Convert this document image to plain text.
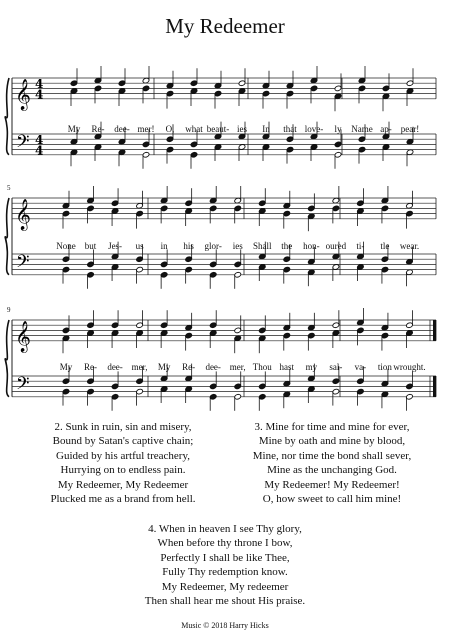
My Redeemer
𝄞
𝄢
4
4
4
4
My Re- dee- mer! O, what beaut- ies In that love- ly Name ap- pear!
𝄞
𝄢
5
None but Jes- us in his glor- ies Shall the hon- oured ti- tle wear.
𝄞
𝄢
9
My Re- dee- mer, My Re- dee- mer, Thou hast my sal- va- tion wrought.
2. Sunk in ruin, sin and misery,
Bound by Satan's captive chain;
Guided by his artful treachery,
Hurrying on to endless pain.
My Redeemer, My Redeemer
Plucked me as a brand from hell.
3. Mine for time and mine for ever,
Mine by oath and mine by blood,
Mine, nor time the bond shall sever,
Mine as the unchanging God.
My Redeemer! My Redeemer!
O, how sweet to call him mine!
4. When in heaven I see Thy glory,
When before thy throne I bow,
Perfectly I shall be like Thee,
Fully Thy redemption know.
My Redeemer, My redeemer
Then shall hear me shout His praise.
Music © 2018 Harry Hicks
